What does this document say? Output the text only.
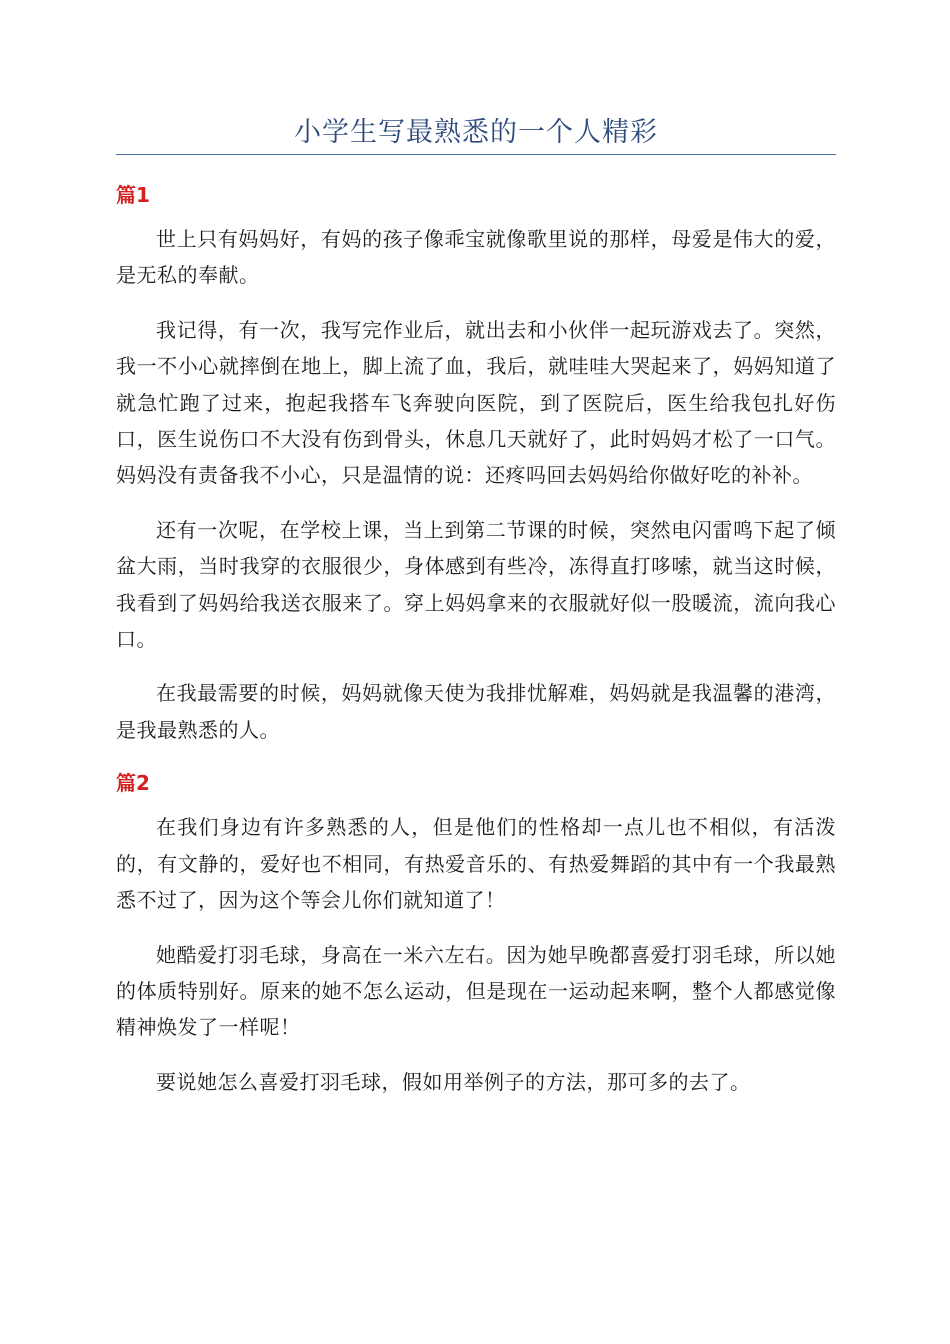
小学生写最熟悉的一个人精彩
篇1

世上只有妈妈好，有妈的孩子像乖宝就像歌里说的那样，母爱是伟大的爱，是无私的奉献。

我记得，有一次，我写完作业后，就出去和小伙伴一起玩游戏去了。突然，我一不小心就摔倒在地上，脚上流了血，我后，就哇哇大哭起来了，妈妈知道了就急忙跑了过来，抱起我搭车飞奔驶向医院，到了医院后，医生给我包扎好伤口，医生说伤口不大没有伤到骨头，休息几天就好了，此时妈妈才松了一口气。妈妈没有责备我不小心，只是温情的说：还疼吗回去妈妈给你做好吃的补补。

还有一次呢，在学校上课，当上到第二节课的时候，突然电闪雷鸣下起了倾盆大雨，当时我穿的衣服很少，身体感到有些冷，冻得直打哆嗦，就当这时候，我看到了妈妈给我送衣服来了。穿上妈妈拿来的衣服就好似一股暖流，流向我心口。

在我最需要的时候，妈妈就像天使为我排忧解难，妈妈就是我温馨的港湾，是我最熟悉的人。

篇2

在我们身边有许多熟悉的人，但是他们的性格却一点儿也不相似，有活泼的，有文静的，爱好也不相同，有热爱音乐的、有热爱舞蹈的其中有一个我最熟悉不过了，因为这个等会儿你们就知道了！

她酷爱打羽毛球，身高在一米六左右。因为她早晚都喜爱打羽毛球，所以她的体质特别好。原来的她不怎么运动，但是现在一运动起来啊，整个人都感觉像精神焕发了一样呢！

要说她怎么喜爱打羽毛球，假如用举例子的方法，那可多的去了。
